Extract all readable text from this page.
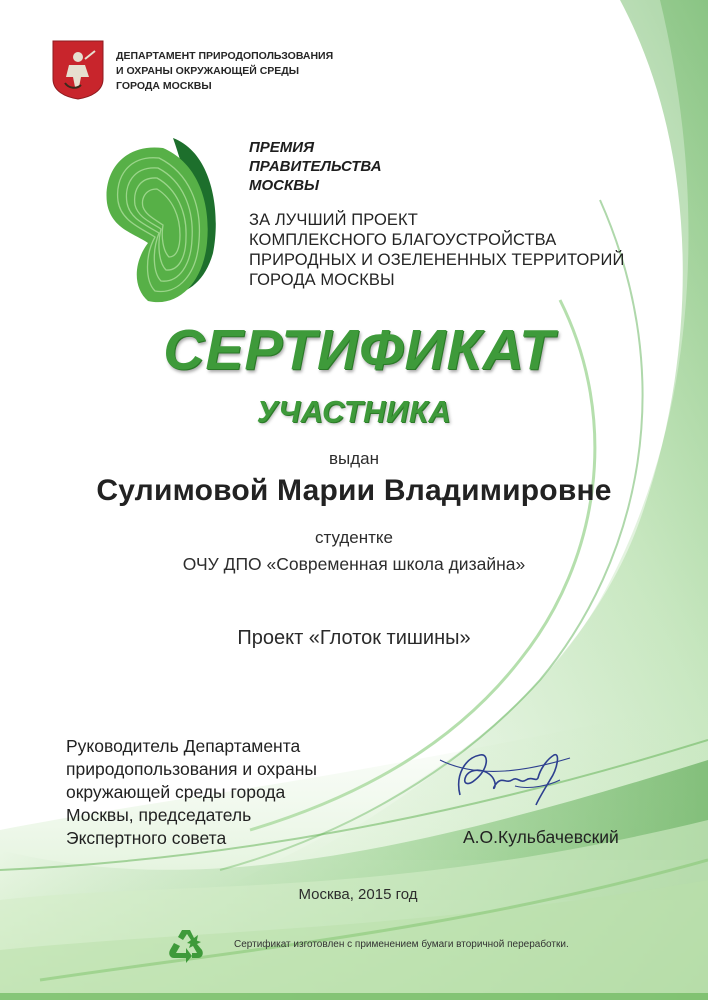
ДЕПАРТАМЕНТ ПРИРОДОПОЛЬЗОВАНИЯ
И ОХРАНЫ ОКРУЖАЮЩЕЙ СРЕДЫ
ГОРОДА МОСКВЫ
ПРЕМИЯ
ПРАВИТЕЛЬСТВА
МОСКВЫ
ЗА ЛУЧШИЙ ПРОЕКТ
КОМПЛЕКСНОГО БЛАГОУСТРОЙСТВА
ПРИРОДНЫХ И ОЗЕЛЕНЕННЫХ ТЕРРИТОРИЙ
ГОРОДА МОСКВЫ
СЕРТИФИКАТ
УЧАСТНИКА
выдан
Сулимовой Марии Владимировне
студентке
ОЧУ ДПО «Современная школа дизайна»
Проект «Глоток тишины»
Руководитель Департамента
природопользования и охраны
окружающей среды города
Москвы, председатель
Экспертного совета	А.О.Кульбачевский
Москва, 2015 год
Сертификат изготовлен с применением бумаги вторичной переработки.
